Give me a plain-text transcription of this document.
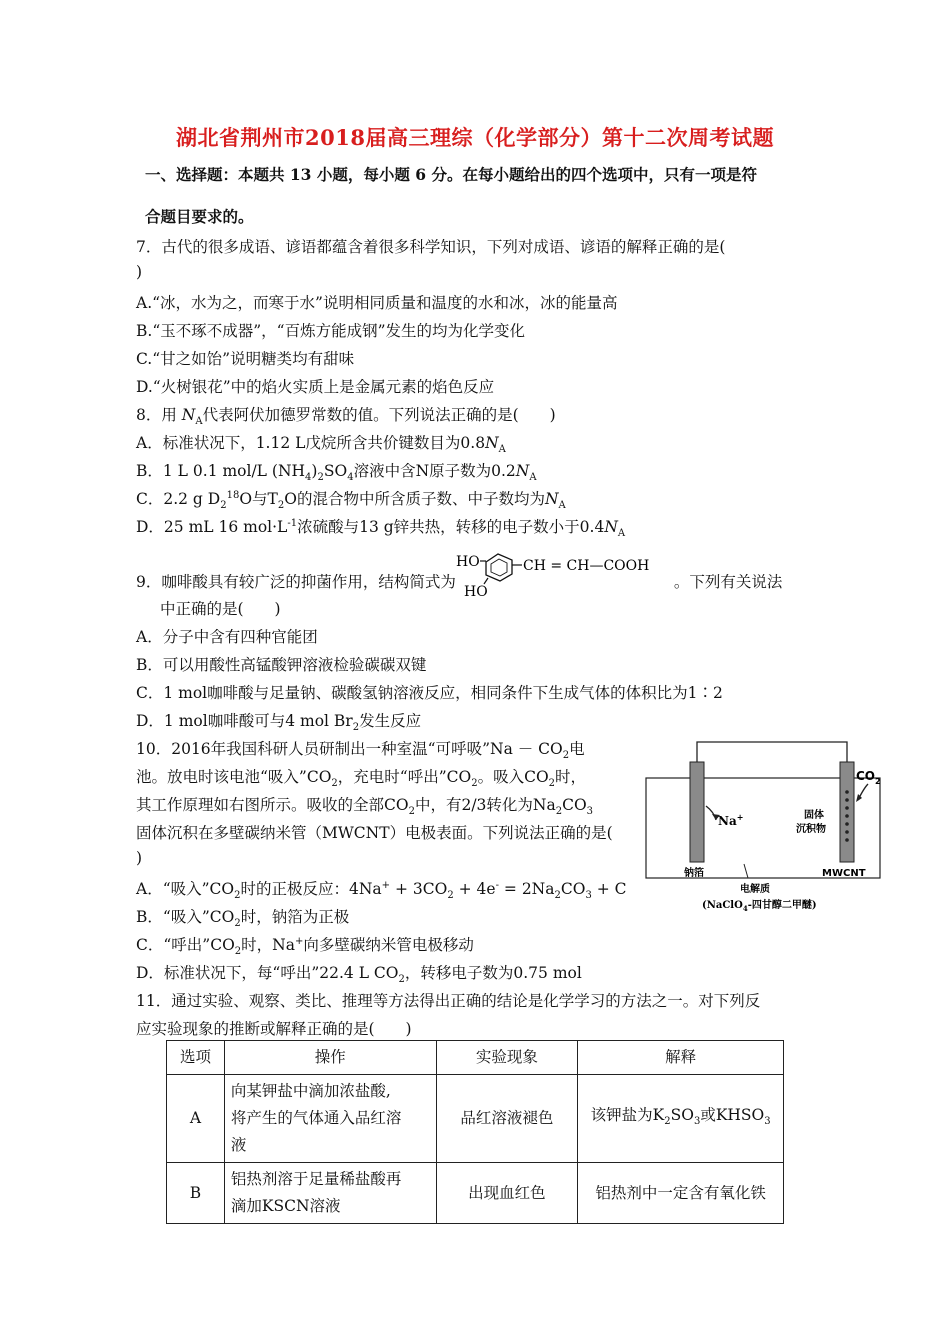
湖北省荆州市2018届高三理综（化学部分）第十二次周考试题
一、选择题：本题共 13 小题，每小题 6 分。在每小题给出的四个选项中，只有一项是符
合题目要求的。
7．古代的很多成语、谚语都蕴含着很多科学知识，下列对成语、谚语的解释正确的是(
)
A.“冰，水为之，而寒于水”说明相同质量和温度的水和冰，冰的能量高
B.“玉不琢不成器”，“百炼方能成钢”发生的均为化学变化
C.“甘之如饴”说明糖类均有甜味
D.“火树银花”中的焰火实质上是金属元素的焰色反应
8．用 $N_A$代表阿伏加德罗常数的值。下列说法正确的是(　　)
A．标准状况下，1.12 L戊烷所含共价键数目为$0.8N_A$
B．1 L 0.1 mol/L $(NH_4)_2SO_4$溶液中含N原子数为$0.2N_A$
C．2.2 g $D_2^{18}O$与$T_2O$的混合物中所含质子数、中子数均为$N_A$
D．25 mL 16 $mol\cdot L^{-1}$浓硫酸与13 g锌共热，转移的电子数小于$0.4N_A$
9．咖啡酸具有较广泛的抑菌作用，结构简式为
HO
HO
CH = CH—COOH
。下列有关说法
中正确的是(　　)
A．分子中含有四种官能团
B．可以用酸性高锰酸钾溶液检验碳碳双键
C．1 mol咖啡酸与足量钠、碳酸氢钠溶液反应，相同条件下生成气体的体积比为1∶2
D．1 mol咖啡酸可与4 mol $Br_2$发生反应
10．2016年我国科研人员研制出一种室温“可呼吸”Na － $CO_2$电
池。放电时该电池“吸入$”CO_2$，充电时“呼出$”CO_2$。吸入$CO_2$时，
其工作原理如右图所示。吸收的全部$CO_2$中，有2/3转化为$Na_2CO_3$
固体沉积在多壁碳纳米管（MWCNT）电极表面。下列说法正确的是(
)
A．“吸入$”CO_2$时的正极反应：$4Na^+ + 3CO_2 + 4e^- = 2Na_2CO_3 + C$
B．“吸入$”CO_2$时，钠箔为正极
C．“呼出$”CO_2$时，Na+向多壁碳纳米管电极移动
D．标准状况下，每“呼出”22.4 L $CO_2$，转移电子数为0.75 mol
Na+
$CO_2$
固体
沉积物
钠箔	MWCNT
电解质
(NaClO$_4$-四甘醇二甲醚)
11．通过实验、观察、类比、推理等方法得出正确的结论是化学学习的方法之一。对下列反
应实验现象的推断或解释正确的是(　　)
选项	操作	实验现象	解释
A	向某钾盐中滴加浓盐酸,
将产生的气体通入品红溶
液	品红溶液褪色	该钾盐为$K_2SO_3$或$KHSO_3$
B	铝热剂溶于足量稀盐酸再
滴加KSCN溶液	出现血红色	铝热剂中一定含有氧化铁
